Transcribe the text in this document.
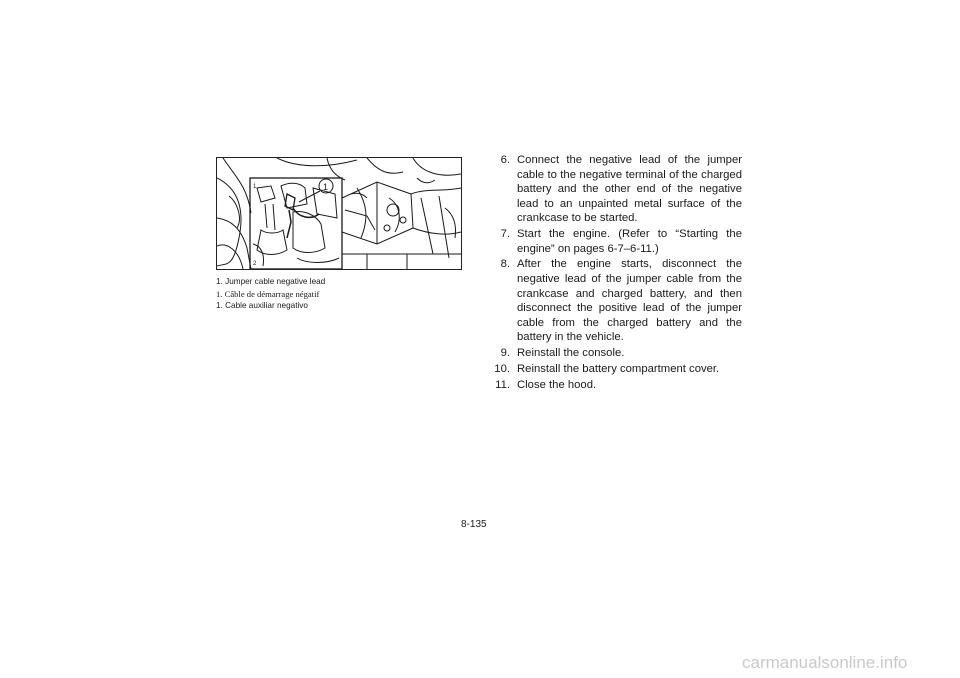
1
1
2
1. Jumper cable negative lead
1. Câble de démarrage négatif
1. Cable auxiliar negativo
6. Connect the negative lead of the jumper cable to the negative terminal of the charged battery and the other end of the negative lead to an unpainted metal surface of the crankcase to be started.
7. Start the engine. (Refer to “Starting the engine” on pages 6-7–6-11.)
8. After the engine starts, disconnect the negative lead of the jumper cable from the crankcase and charged battery, and then disconnect the positive lead of the jumper cable from the charged battery and the battery in the vehicle.
9. Reinstall the console.
10. Reinstall the battery compartment cover.
11. Close the hood.
8-135
carmanualsonline.info
